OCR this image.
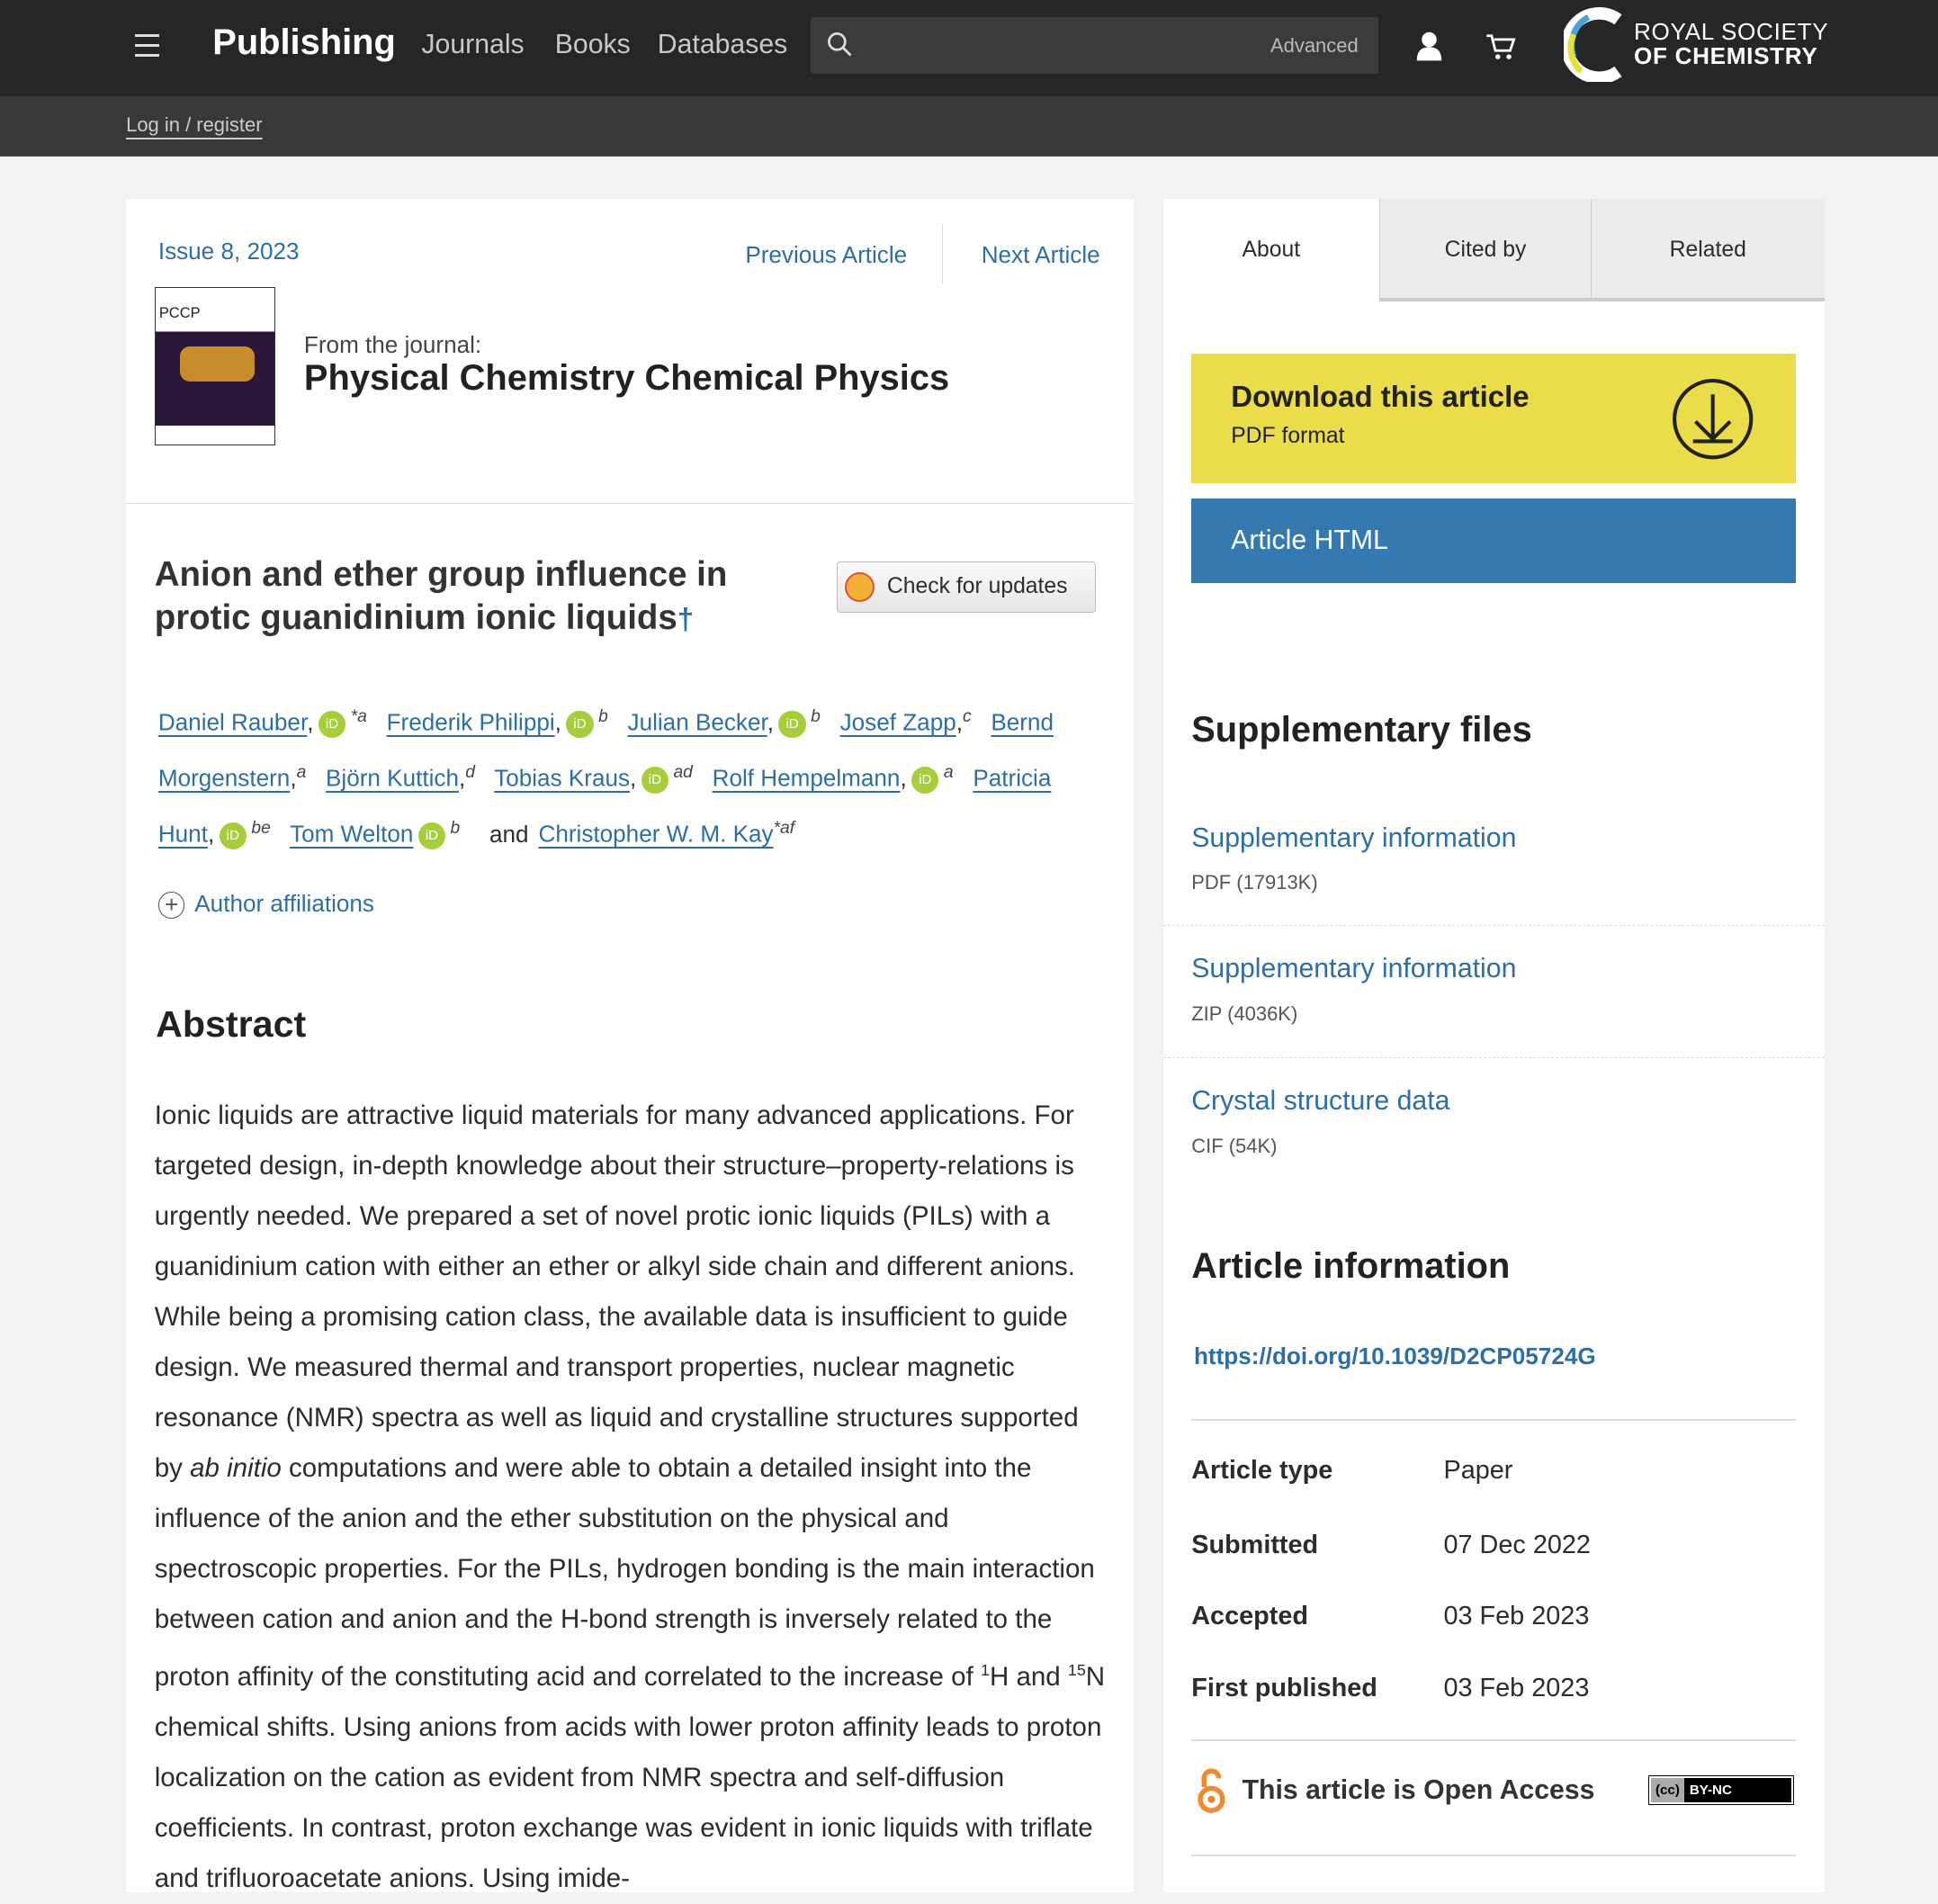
Publishing Journals Books Databases	Advanced
ROYAL SOCIETY
OF CHEMISTRY
Log in / register
Issue 8, 2023	Previous Article	Next Article
PCCP
From the journal:
Physical Chemistry Chemical Physics
Anion and ether group influence in protic guanidinium ionic liquids†
Check for updates
Daniel Rauber, iD $^{*a}$ Frederik Philippi, iD $^b$ Julian Becker, iD $^b$ Josef Zapp,$^c$ Bernd Morgenstern,$^a$ Björn Kuttich,$^d$ Tobias Kraus, iD $^{ad}$ Rolf Hempelmann, iD $^a$ Patricia Hunt, iD $^{be}$ Tom Welton iD $^b$ and Christopher W. M. Kay$^{*af}$
+ Author affiliations
Abstract
Ionic liquids are attractive liquid materials for many advanced applications. For targeted design, in-depth knowledge about their structure–property-relations is urgently needed. We prepared a set of novel protic ionic liquids (PILs) with a guanidinium cation with either an ether or alkyl side chain and different anions. While being a promising cation class, the available data is insufficient to guide design. We measured thermal and transport properties, nuclear magnetic resonance (NMR) spectra as well as liquid and crystalline structures supported by ab initio computations and were able to obtain a detailed insight into the influence of the anion and the ether substitution on the physical and spectroscopic properties. For the PILs, hydrogen bonding is the main interaction between cation and anion and the H-bond strength is inversely related to the proton affinity of the constituting acid and correlated to the increase of $^1$H and $^{15}$N chemical shifts. Using anions from acids with lower proton affinity leads to proton localization on the cation as evident from NMR spectra and self-diffusion coefficients. In contrast, proton exchange was evident in ionic liquids with triflate and trifluoroacetate anions. Using imide-
About	Cited by	Related
Download this article
PDF format
Article HTML
Supplementary files
Supplementary information
PDF (17913K)
Supplementary information
ZIP (4036K)
Crystal structure data
CIF (54K)
Article information
https://doi.org/10.1039/D2CP05724G
Article type	Paper
Submitted	07 Dec 2022
Accepted	03 Feb 2023
First published	03 Feb 2023
This article is Open Access	(cc) BY-NC
